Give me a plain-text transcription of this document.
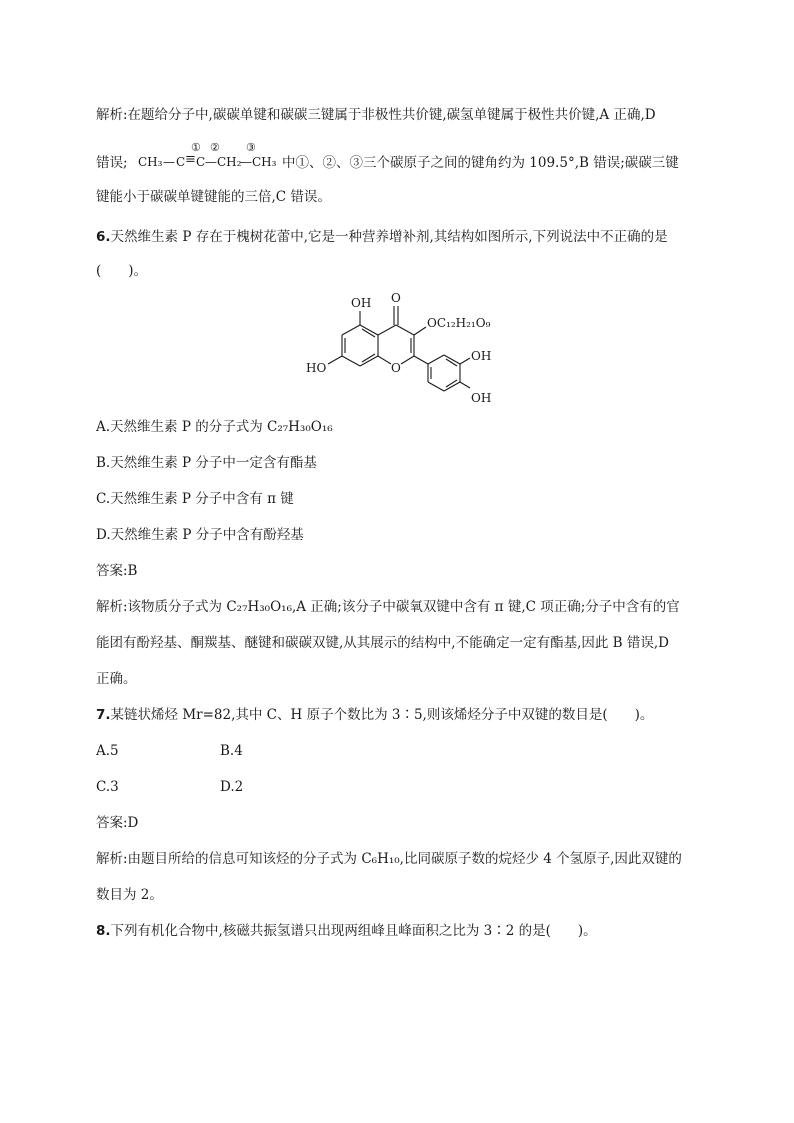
解析:在题给分子中,碳碳单键和碳碳三键属于非极性共价键,碳氢单键属于极性共价键,A 正确,D
错误; CH₃ — C ≡ C — CH₂
— CH₃
① ② ③
中①、②、③三个碳原子之间的键角约为 109.5°,B 错误;碳碳三键
键能小于碳碳单键键能的三倍,C 错误。
6.天然维生素 P 存在于槐树花蕾中,它是一种营养增补剂,其结构如图所示,下列说法中不正确的是
(　　)。
OH O
OC₁₂H₂₁O₉
HO	O
OH
OH
A.天然维生素 P 的分子式为 C₂₇H₃₀O₁₆
B.天然维生素 P 分子中一定含有酯基
C.天然维生素 P 分子中含有 π 键
D.天然维生素 P 分子中含有酚羟基
答案:B
解析:该物质分子式为 C₂₇H₃₀O₁₆,A 正确;该分子中碳氧双键中含有 π 键,C 项正确;分子中含有的官
能团有酚羟基、酮羰基、醚键和碳碳双键,从其展示的结构中,不能确定一定有酯基,因此 B 错误,D
正确。
7.某链状烯烃 Mr=82,其中 C、H 原子个数比为 3∶5,则该烯烃分子中双键的数目是(　　)。
A.5	B.4
C.3	D.2
答案:D
解析:由题目所给的信息可知该烃的分子式为 C₆H₁₀,比同碳原子数的烷烃少 4 个氢原子,因此双键的
数目为 2。
8.下列有机化合物中,核磁共振氢谱只出现两组峰且峰面积之比为 3∶2 的是(　　)。
